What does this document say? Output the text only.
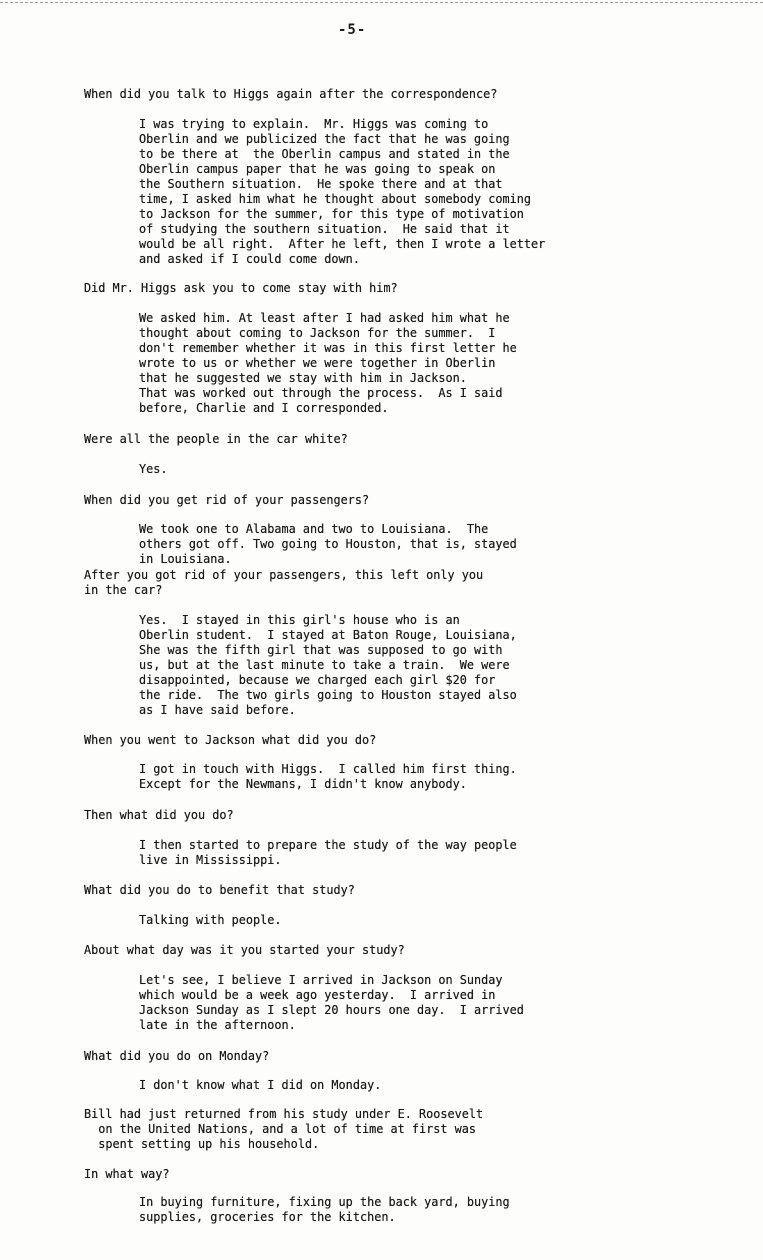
-5-
When did you talk to Higgs again after the correspondence?
I was trying to explain.  Mr. Higgs was coming to
Oberlin and we publicized the fact that he was going
to be there at  the Oberlin campus and stated in the
Oberlin campus paper that he was going to speak on
the Southern situation.  He spoke there and at that
time, I asked him what he thought about somebody coming
to Jackson for the summer, for this type of motivation
of studying the southern situation.  He said that it
would be all right.  After he left, then I wrote a letter
and asked if I could come down.
Did Mr. Higgs ask you to come stay with him?
We asked him. At least after I had asked him what he
thought about coming to Jackson for the summer.  I
don't remember whether it was in this first letter he
wrote to us or whether we were together in Oberlin
that he suggested we stay with him in Jackson.
That was worked out through the process.  As I said
before, Charlie and I corresponded.
Were all the people in the car white?
Yes.
When did you get rid of your passengers?
We took one to Alabama and two to Louisiana.  The
others got off. Two going to Houston, that is, stayed
in Louisiana.
After you got rid of your passengers, this left only you
in the car?
Yes.  I stayed in this girl's house who is an
Oberlin student.  I stayed at Baton Rouge, Louisiana,
She was the fifth girl that was supposed to go with
us, but at the last minute to take a train.  We were
disappointed, because we charged each girl $20 for
the ride.  The two girls going to Houston stayed also
as I have said before.
When you went to Jackson what did you do?
I got in touch with Higgs.  I called him first thing.
Except for the Newmans, I didn't know anybody.
Then what did you do?
I then started to prepare the study of the way people
live in Mississippi.
What did you do to benefit that study?
Talking with people.
About what day was it you started your study?
Let's see, I believe I arrived in Jackson on Sunday
which would be a week ago yesterday.  I arrived in
Jackson Sunday as I slept 20 hours one day.  I arrived
late in the afternoon.
What did you do on Monday?
I don't know what I did on Monday.
Bill had just returned from his study under E. Roosevelt
on the United Nations, and a lot of time at first was
spent setting up his household.
In what way?
In buying furniture, fixing up the back yard, buying
supplies, groceries for the kitchen.
